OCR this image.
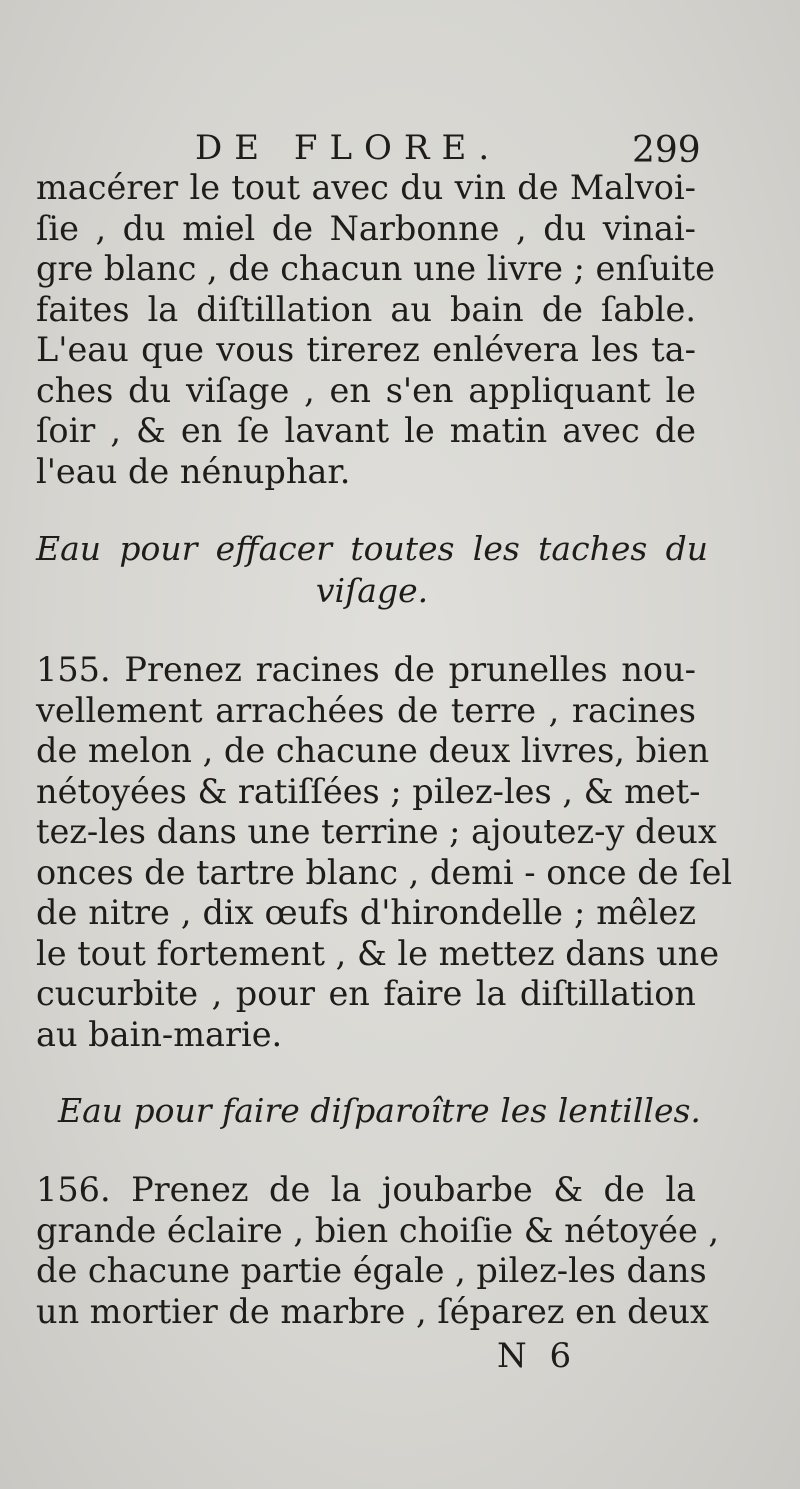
DE FLORE.	299
macérer le tout avec du vin de Malvoi-
ſie , du miel de Narbonne , du vinai-
gre blanc , de chacun une livre ; enſuite
faites la diſtillation au bain de ſable.
L'eau que vous tirerez enlévera les ta-
ches du viſage , en s'en appliquant le
ſoir , & en ſe lavant le matin avec de
l'eau de nénuphar.
Eau pour effacer toutes les taches du
viſage.
155. Prenez racines de prunelles nou-
vellement arrachées de terre , racines
de melon , de chacune deux livres, bien
nétoyées & ratiſſées ; pilez-les , & met-
tez-les dans une terrine ; ajoutez-y deux
onces de tartre blanc , demi - once de ſel
de nitre , dix œufs d'hirondelle ; mêlez
le tout fortement , & le mettez dans une
cucurbite , pour en faire la diſtillation
au bain-marie.
Eau pour faire diſparoître les lentilles.
156. Prenez de la joubarbe & de la
grande éclaire , bien choiſie & nétoyée ,
de chacune partie égale , pilez-les dans
un mortier de marbre , ſéparez en deux
N 6
